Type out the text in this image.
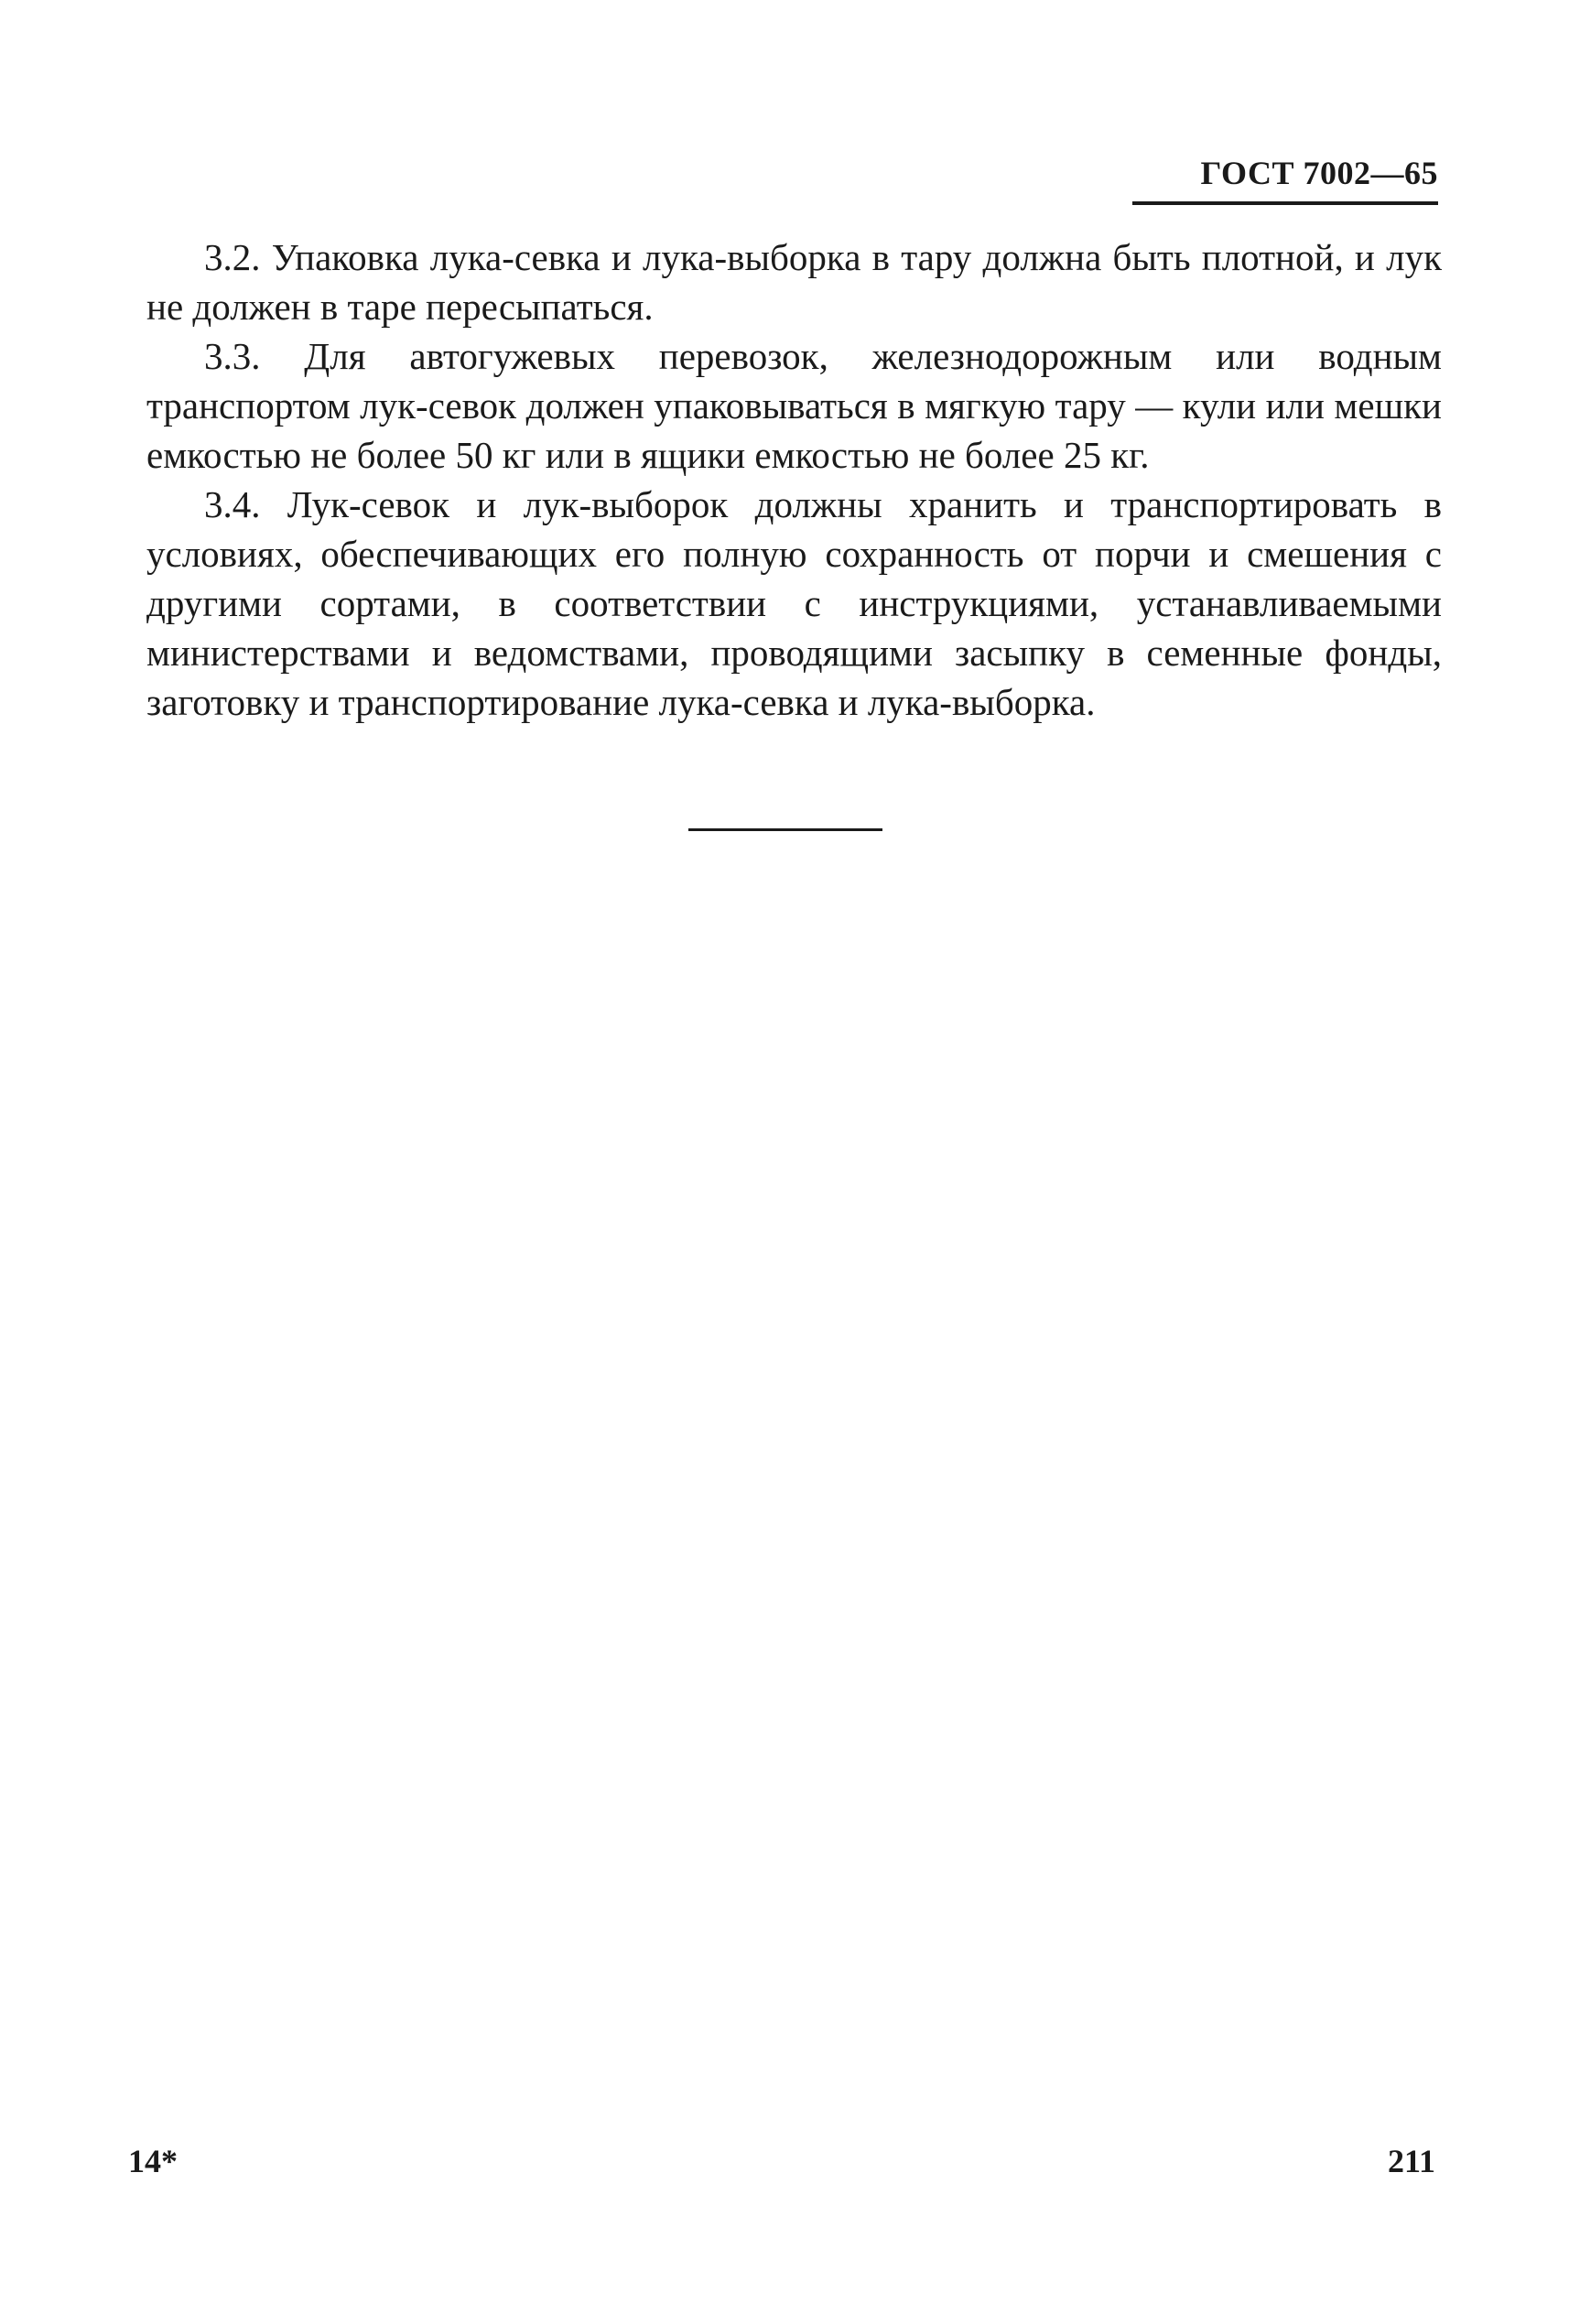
ГОСТ 7002—65

3.2. Упаковка лука-севка и лука-выборка в тару должна быть плотной, и лук не должен в таре пересыпаться.

3.3. Для автогужевых перевозок, железнодорожным или водным транспортом лук-севок должен упаковываться в мягкую тару — кули или мешки емкостью не более 50 кг или в ящики емкостью не более 25 кг.

3.4. Лук-севок и лук-выборок должны хранить и транспортировать в условиях, обеспечивающих его полную сохранность от порчи и смешения с другими сортами, в соответствии с инструкциями, устанавливаемыми министерствами и ведомствами, проводящими засыпку в семенные фонды, заготовку и транспортирование лука-севка и лука-выборка.

14*	211
